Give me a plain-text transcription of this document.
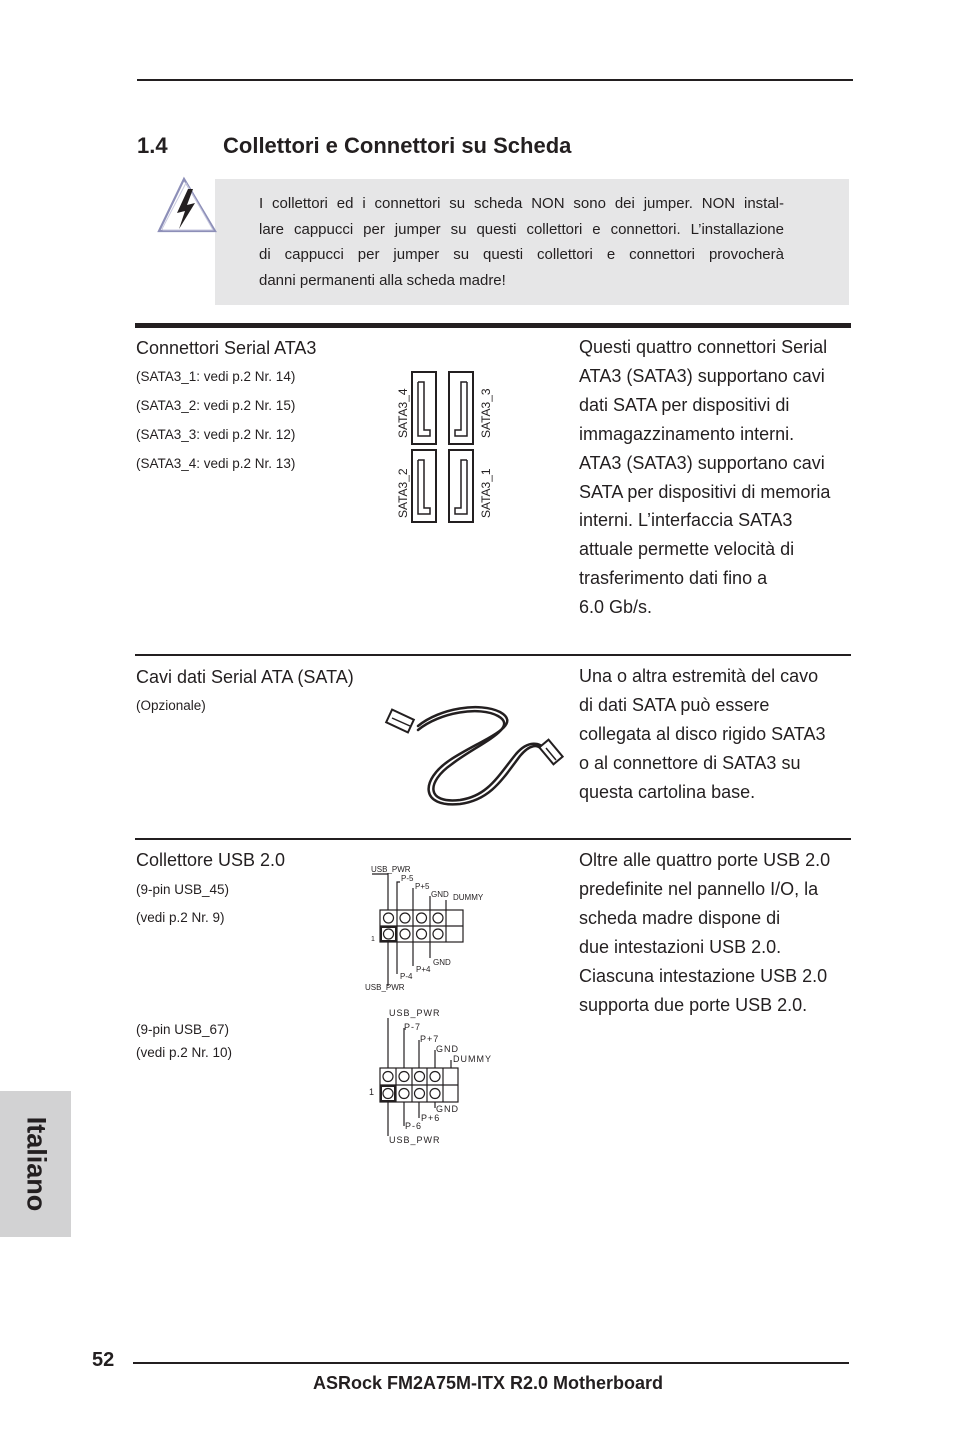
1.4	Collettori e Connettori su Scheda
I collettori ed i connettori su scheda NON sono dei jumper. NON instal-
lare cappucci per jumper su questi collettori e connettori. L’installazione
di cappucci per jumper su questi collettori e connettori provocherà
danni permanenti alla scheda madre!
Connettori Serial ATA3
(SATA3_1: vedi p.2 Nr. 14)
(SATA3_2: vedi p.2 Nr. 15)
(SATA3_3: vedi p.2 Nr. 12)
(SATA3_4: vedi p.2 Nr. 13)
SATA3_4	SATA3_3
SATA3_2	SATA3_1
Questi quattro connettori Serial
ATA3 (SATA3) supportano cavi
dati SATA per dispositivi di
immagazzinamento interni.
ATA3 (SATA3) supportano cavi
SATA per dispositivi di memoria
interni. L’interfaccia SATA3
attuale permette velocità di
trasferimento dati fino a
6.0 Gb/s.
Cavi dati Serial ATA (SATA)
(Opzionale)
Una o altra estremità del cavo
di dati SATA può essere
collegata al disco rigido SATA3
o al connettore di SATA3 su
questa cartolina base.
Collettore USB 2.0
(9-pin USB_45)
(vedi p.2 Nr. 9)
(9-pin USB_67)
(vedi p.2 Nr. 10)
USB_PWR
P-5
P+5
GND DUMMY
GND
P+4
P-4
USB_PWR
1
USB_PWR
P-7
P+7
GND
DUMMY
GND
P+6
P-6
USB_PWR
1
Oltre alle quattro porte USB 2.0
predefinite nel pannello I/O, la
scheda madre dispone di
due intestazioni USB 2.0.
Ciascuna intestazione USB 2.0
supporta due porte USB 2.0.
Italiano
52
ASRock FM2A75M-ITX R2.0 Motherboard
